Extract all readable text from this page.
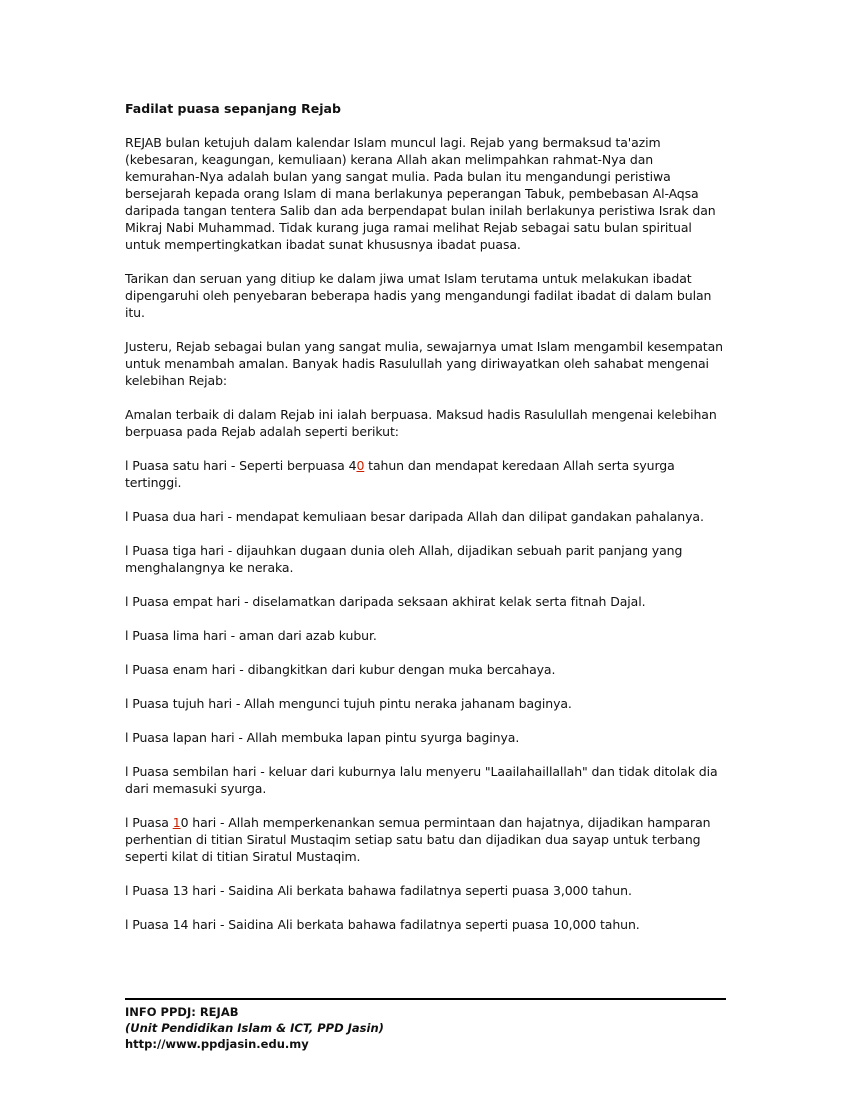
Fadilat puasa sepanjang Rejab

REJAB bulan ketujuh dalam kalendar Islam muncul lagi. Rejab yang bermaksud ta'azim (kebesaran, keagungan, kemuliaan) kerana Allah akan melimpahkan rahmat-Nya dan kemurahan-Nya adalah bulan yang sangat mulia. Pada bulan itu mengandungi peristiwa bersejarah kepada orang Islam di mana berlakunya peperangan Tabuk, pembebasan Al-Aqsa daripada tangan tentera Salib dan ada berpendapat bulan inilah berlakunya peristiwa Israk dan Mikraj Nabi Muhammad. Tidak kurang juga ramai melihat Rejab sebagai satu bulan spiritual untuk mempertingkatkan ibadat sunat khususnya ibadat puasa.

Tarikan dan seruan yang ditiup ke dalam jiwa umat Islam terutama untuk melakukan ibadat dipengaruhi oleh penyebaran beberapa hadis yang mengandungi fadilat ibadat di dalam bulan itu.

Justeru, Rejab sebagai bulan yang sangat mulia, sewajarnya umat Islam mengambil kesempatan untuk menambah amalan. Banyak hadis Rasulullah yang diriwayatkan oleh sahabat mengenai kelebihan Rejab:

Amalan terbaik di dalam Rejab ini ialah berpuasa. Maksud hadis Rasulullah mengenai kelebihan berpuasa pada Rejab adalah seperti berikut:

l Puasa satu hari - Seperti berpuasa 40 tahun dan mendapat keredaan Allah serta syurga tertinggi.

l Puasa dua hari - mendapat kemuliaan besar daripada Allah dan dilipat gandakan pahalanya.

l Puasa tiga hari - dijauhkan dugaan dunia oleh Allah, dijadikan sebuah parit panjang yang menghalangnya ke neraka.

l Puasa empat hari - diselamatkan daripada seksaan akhirat kelak serta fitnah Dajal.

l Puasa lima hari - aman dari azab kubur.

l Puasa enam hari - dibangkitkan dari kubur dengan muka bercahaya.

l Puasa tujuh hari - Allah mengunci tujuh pintu neraka jahanam baginya.

l Puasa lapan hari - Allah membuka lapan pintu syurga baginya.

l Puasa sembilan hari - keluar dari kuburnya lalu menyeru "Laailahaillallah" dan tidak ditolak dia dari memasuki syurga.

l Puasa 10 hari - Allah memperkenankan semua permintaan dan hajatnya, dijadikan hamparan perhentian di titian Siratul Mustaqim setiap satu batu dan dijadikan dua sayap untuk terbang seperti kilat di titian Siratul Mustaqim.

l Puasa 13 hari - Saidina Ali berkata bahawa fadilatnya seperti puasa 3,000 tahun.

l Puasa 14 hari - Saidina Ali berkata bahawa fadilatnya seperti puasa 10,000 tahun.

INFO PPDJ: REJAB
(Unit Pendidikan Islam & ICT, PPD Jasin)
http://www.ppdjasin.edu.my
